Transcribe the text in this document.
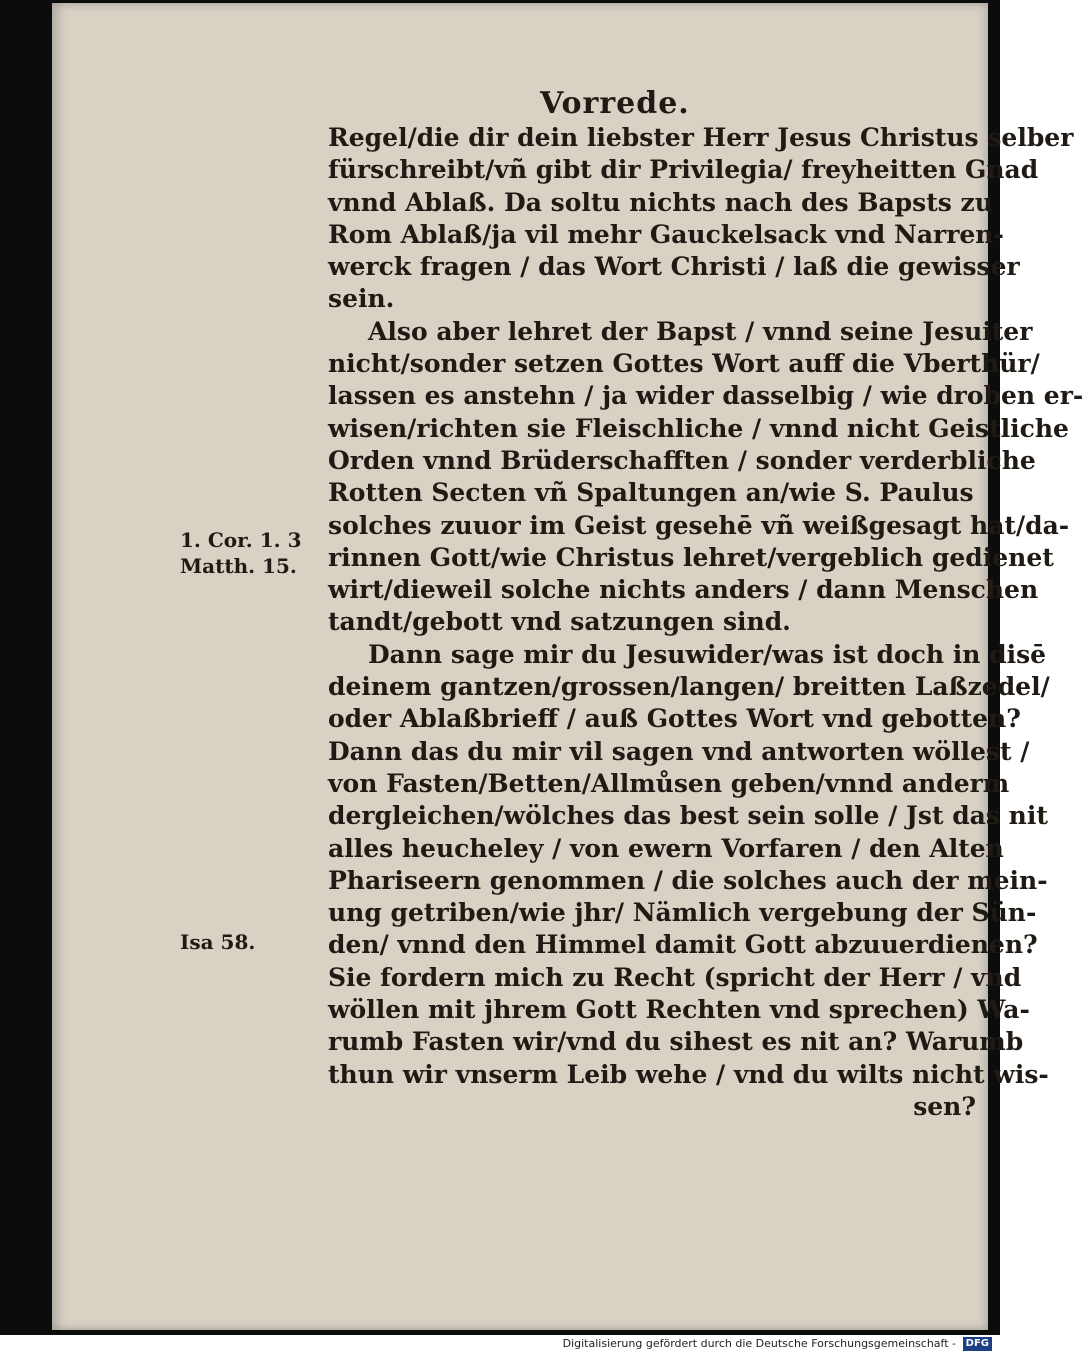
Vorrede.
Regel/die dir dein liebster Herr Jesus Christus selber
fürschreibt/vñ gibt dir Privilegia/ freyheitten Gnad
vnnd Ablaß. Da soltu nichts nach des Bapsts zu
Rom Ablaß/ja vil mehr Gauckelsack vnd Narren-
werck fragen / das Wort Christi / laß die gewisser
sein.
Also aber lehret der Bapst / vnnd seine Jesuiter
nicht/sonder setzen Gottes Wort auff die Vberthür/
lassen es anstehn / ja wider dasselbig / wie droben er-
wisen/richten sie Fleischliche / vnnd nicht Geistliche
Orden vnnd Brüderschafften / sonder verderbliche
Rotten Secten vñ Spaltungen an/wie S. Paulus
solches zuuor im Geist gesehē vñ weißgesagt hat/da-
rinnen Gott/wie Christus lehret/vergeblich gedienet
wirt/dieweil solche nichts anders / dann Menschen
tandt/gebott vnd satzungen sind.
Dann sage mir du Jesuwider/was ist doch in disē
deinem gantzen/grossen/langen/ breitten Laßzedel/
oder Ablaßbrieff / auß Gottes Wort vnd gebotten?
Dann das du mir vil sagen vnd antworten wöllest /
von Fasten/Betten/Allmůsen geben/vnnd anderm
dergleichen/wölches das best sein solle / Jst das nit
alles heucheley / von ewern Vorfaren / den Alten
Phariseern genommen / die solches auch der mein-
ung getriben/wie jhr/ Nämlich vergebung der Sün-
den/ vnnd den Himmel damit Gott abzuuerdienen?
Sie fordern mich zu Recht (spricht der Herr / vnd
wöllen mit jhrem Gott Rechten vnd sprechen) Wa-
rumb Fasten wir/vnd du sihest es nit an? Warumb
thun wir vnserm Leib wehe / vnd du wilts nicht wis-
sen?
1. Cor. 1. 3
Matth. 15.
Isa 58.
Digitalisierung gefördert durch die Deutsche Forschungsgemeinschaft - DFG
